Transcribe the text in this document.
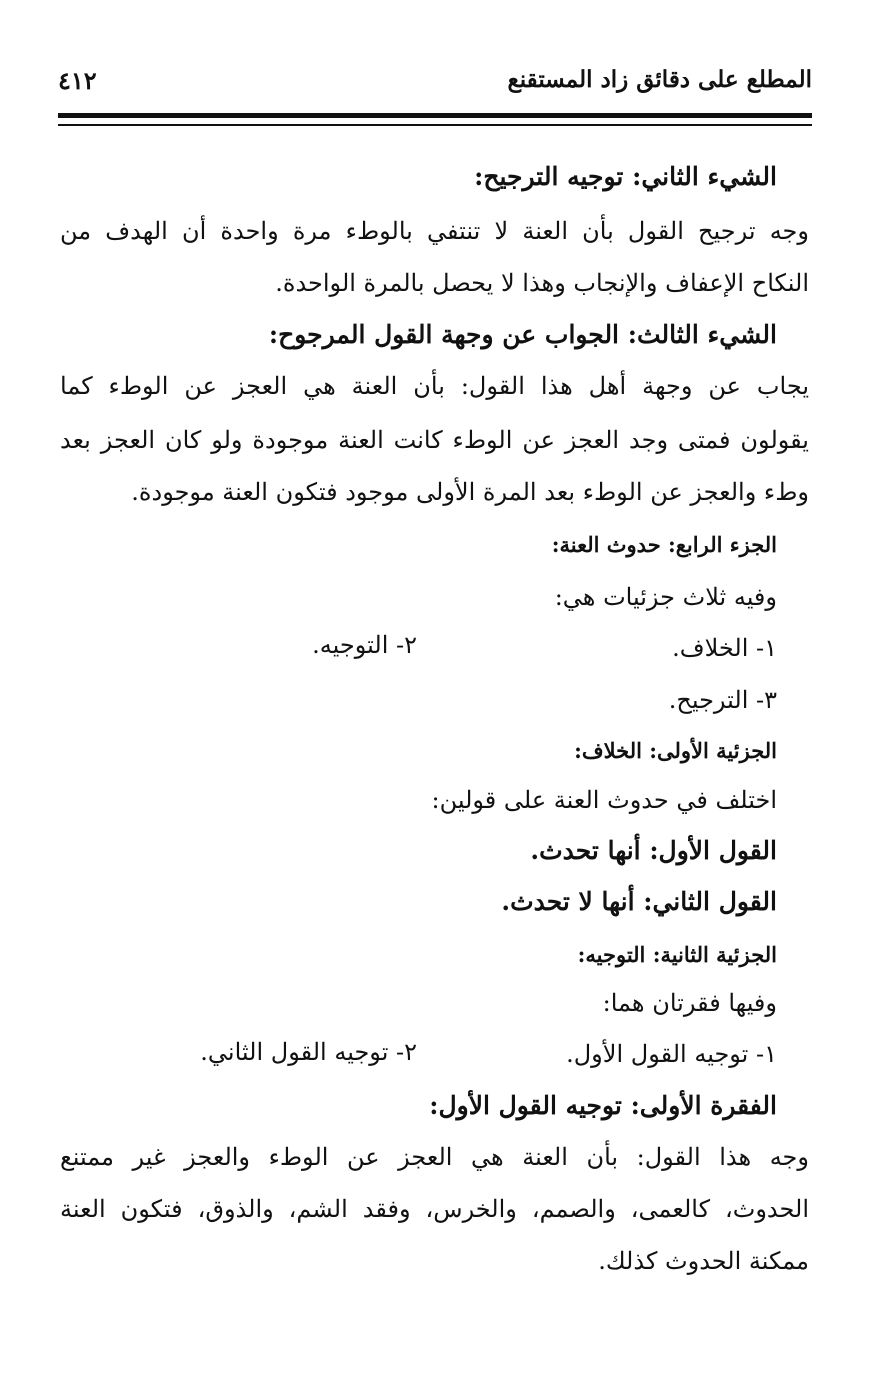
المطلع على دقائق زاد المستقنع
٤١٢
الشيء الثاني: توجيه الترجيح:
وجه ترجيح القول بأن العنة لا تنتفي بالوطء مرة واحدة أن الهدف من
النكاح الإعفاف والإنجاب وهذا لا يحصل بالمرة الواحدة.
الشيء الثالث: الجواب عن وجهة القول المرجوح:
يجاب عن وجهة أهل هذا القول: بأن العنة هي العجز عن الوطء كما
يقولون فمتى وجد العجز عن الوطء كانت العنة موجودة ولو كان العجز بعد
وطء والعجز عن الوطء بعد المرة الأولى موجود فتكون العنة موجودة.
الجزء الرابع: حدوث العنة:
وفيه ثلاث جزئيات هي:
١- الخلاف.
٢- التوجيه.
٣- الترجيح.
الجزئية الأولى: الخلاف:
اختلف في حدوث العنة على قولين:
القول الأول: أنها تحدث.
القول الثاني: أنها لا تحدث.
الجزئية الثانية: التوجيه:
وفيها فقرتان هما:
١- توجيه القول الأول.
٢- توجيه القول الثاني.
الفقرة الأولى: توجيه القول الأول:
وجه هذا القول: بأن العنة هي العجز عن الوطء والعجز غير ممتنع
الحدوث، كالعمى، والصمم، والخرس، وفقد الشم، والذوق، فتكون العنة
ممكنة الحدوث كذلك.
